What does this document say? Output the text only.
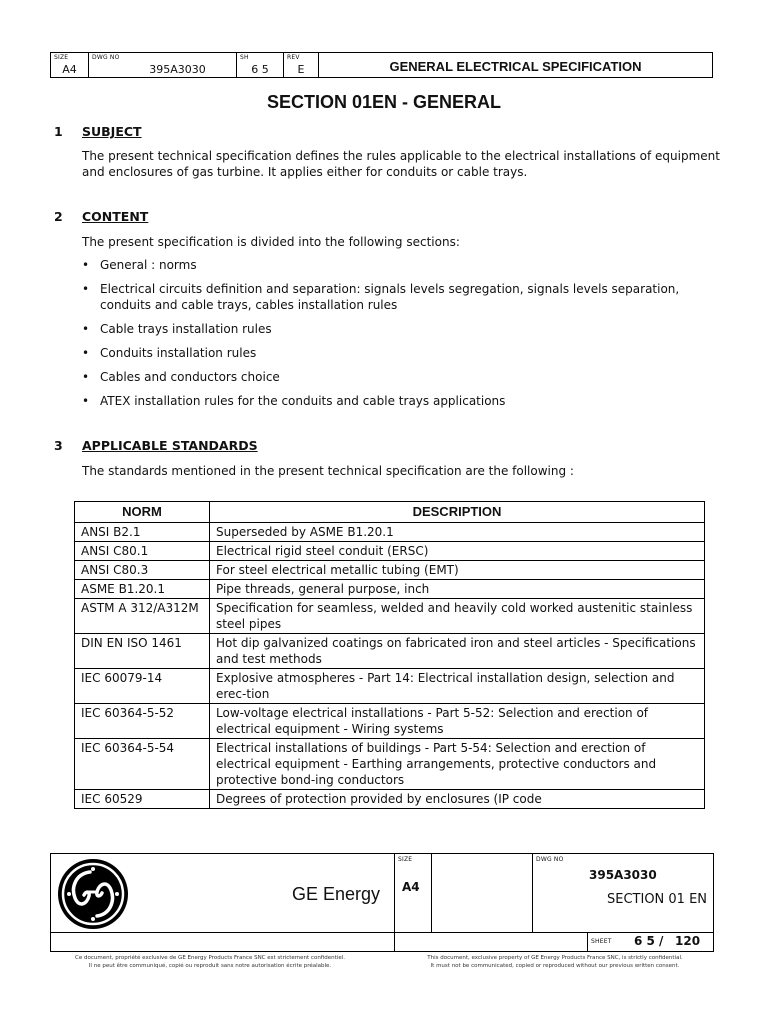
SIZE
A4
DWG NO
395A3030
SH
6 5
REV
E	GENERAL ELECTRICAL SPECIFICATION
SECTION 01EN - GENERAL
1 SUBJECT

The present technical specification defines the rules applicable to the electrical installations of equipment and enclosures of gas turbine. It applies either for conduits or cable trays.

2 CONTENT

The present specification is divided into the following sections:

• General : norms
• Electrical circuits definition and separation: signals levels segregation, signals levels separation, conduits and cable trays, cables installation rules
• Cable trays installation rules
• Conduits installation rules
• Cables and conductors choice
• ATEX installation rules for the conduits and cable trays applications
3 APPLICABLE STANDARDS

The standards mentioned in the present technical specification are the following :

NORM	DESCRIPTION
ANSI B2.1	Superseded by ASME B1.20.1
ANSI C80.1	Electrical rigid steel conduit (ERSC)
ANSI C80.3	For steel electrical metallic tubing (EMT)
ASME B1.20.1	Pipe threads, general purpose, inch
ASTM A 312/A312M	Specification for seamless, welded and heavily cold worked austenitic stainless steel pipes
DIN EN ISO 1461	Hot dip galvanized coatings on fabricated iron and steel articles - Specifications and test methods
IEC 60079-14	Explosive atmospheres - Part 14: Electrical installation design, selection and erec-tion
IEC 60364-5-52	Low-voltage electrical installations - Part 5-52: Selection and erection of electrical equipment - Wiring systems
IEC 60364-5-54	Electrical installations of buildings - Part 5-54: Selection and erection of electrical equipment - Earthing arrangements, protective conductors and protective bond-ing conductors
IEC 60529	Degrees of protection provided by enclosures (IP code
GE Energy
SIZE
A4
DWG NO
395A3030
SECTION 01 EN
SHEET 6 5 / 120
Ce document, propriété exclusive de GE Energy Products France SNC est strictement confidentiel.
Il ne peut être communiqué, copié ou reproduit sans notre autorisation écrite préalable.
This document, exclusive property of GE Energy Products France SNC, is strictly confidential.
It must not be communicated, copied or reproduced without our previous written consent.
